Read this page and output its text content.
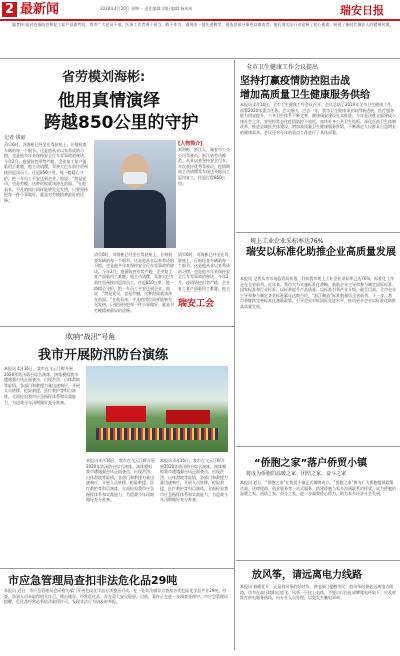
2 最新闻	2020年4月20日 星期一 责任编辑:刘阳 编辑:杨成成	瑞安日报

编者按:面对疫情防控和复工复产双重考验，我市广大党员干部、医务工作者勇于担当、敢于作为，涌现出一批先进典型，现选登部分事迹以飨读者。他们用实际行动诠释了初心使命，展现了新时代瑞安人的精神风貌。

省劳模刘海彬:
他用真情演绎
跨越850公里的守护
记者 钱丽
[人物简介]
刘海彬，浙江人，瑞安市公交公司驾驶员，浙江省劳动模范。从业以来坚持安全行车，多次获评优秀驾驶员，疫情期间主动请缨驾车接送外地员工返岗复工，往返行程850公里。
清早6时，刘海彬已经坐在驾驶座上，仔细检查车辆的每一个细节。这是他从业以来养成的习惯，也是他多年来保持安全行车零事故的秘诀。今年2月，疫情防控形势严峻，企业复工复产面临用工难题，他主动请缨，驾驶大巴车前往贵州接回返岗员工。往返850公里，他一路精心守护，把一车员工平安送到企业。他说：“我是党员，也是劳模，这种时候就该冲在前面。”在他看来，平凡的岗位同样能够发光发热，只要坚持把每一件小事做好，就是对劳模精神最好的诠释。
清早6时，刘海彬已经坐在驾驶座上，仔细检查车辆的每一个细节。这是他从业以来养成的习惯，也是他多年来保持安全行车零事故的秘诀。今年2月，疫情防控形势严峻，企业复工复产面临用工难题，他主动请缨，驾驶大巴车前往贵州接回返岗员工。往返850公里，他一路精心守护，把一车员工平安送到企业。他说：“我是党员，也是劳模，这种时候就该冲在前面。”在他看来，平凡的岗位同样能够发光发热，只要坚持把每一件小事做好，就是对劳模精神最好的诠释。
清早6时，刘海彬已经坐在驾驶座上，仔细检查车辆的每一个细节。这是他从业以来养成的习惯，也是他多年来保持安全行车零事故的秘诀。今年2月，疫情防控形势严峻，企业复工复产面临用工难题，他主
瑞安工会
全市卫生健康工作会议提出
坚持打赢疫情防控阻击战
增加高质量卫生健康服务供给
本报讯 4月14日，全市卫生健康工作会议召开。会议总结了2019年全市卫生健康工作，部署2020年重点任务。会议指出，过去一年，我市卫生健康事业取得新进展，医疗服务能力明显提升，公共卫生体系不断完善，健康瑞安建设扎实推进。今年是决胜全面建成小康社会之年，要坚持常态化疫情防控不放松，加快补齐公共卫生短板，深化医药卫生体制改革，推进县域医共体建设，增加高质量卫生健康服务供给，不断满足人民群众日益增长的健康需求。会议还对今年的重点工作进行了具体部署。
规上工业企业采标率达76%
瑞安以标准化助推企业高质量发展
本报讯 记者从市市场监管局获悉，目前我市规上工业企业采标率已达76%，标准化工作走在全省前列。近年来，我市大力实施标准化战略，鼓励企业主导和参与制定国际标准、国家标准和行业标准，以标准提升产品质量，以标准引领产业升级。截至目前，全市企业主导和参与制定各类标准累计达数百项，“浙江制造”标准数量居全省前列。下一步，我市将继续完善标准化激励政策，引导企业对标国际先进水平，推动更多企业以标准化助推高质量发展。
“侨胞之家”落户侨贸小镇
将成为侨胞的温暖之家、团结之家、奋斗之家
本报讯 近日，“侨胞之家”在侨贸小镇正式揭牌成立。“侨胞之家”将为广大侨胞提供政策咨询、法律援助、创业服务等一站式服务，搭建侨胞与家乡沟通联系的桥梁，成为侨胞的温暖之家、团结之家、奋斗之家，进一步凝聚侨心侨力，助力家乡经济社会发展。
放风筝，请远离电力线路
本报讯 春暖花开，正是放风筝的好时节。供电部门提醒市民，放风筝时务必远离电力线路，切勿在高压线附近放飞。风筝一旦挂上电线，不要自行拉扯或攀爬电杆取下，应及时拨打供电服务热线，由专业人员处理，以免发生触电事故。
吹响“战汛”号角
我市开展防汛防台演练
本报讯 4月16日，我市在飞云江畔开展2020年防汛防台综合演练。演练模拟我市遭遇强台风正面袭击，出现洪涝、山体滑坡等险情，各部门和救援力量迅速响应，开展人员转移、抢险救援、医疗救护等科目演练，全面检验我市应急指挥体系和实战能力，为迎战今年汛期做好充分准备。
本报讯 4月16日，我市在飞云江畔开展2020年防汛防台综合演练。演练模拟我市遭遇强台风正面袭击，出现洪涝、山体滑坡等险情，各部门和救援力量迅速响应，开展人员转移、抢险救援、医疗救护等科目演练，全面检验我市应急指挥体系和实战能力，为迎战今年汛期做好充分准备。
本报讯 4月16日，我市在飞云江畔开展2020年防汛防台综合演练。演练模拟我市遭遇强台风正面袭击，出现洪涝、山体滑坡等险情，各部门和救援力量迅速响应，开展人员转移、抢险救援、医疗救护等科目演练，全面检验我市应急指挥体系和实战能力，为迎战今年汛期做好充分准备。
市应急管理局查扣非法危化品29吨
本报讯 近日，市应急管理局会同相关部门开展危险化学品专项整治行动，在一处非法储存点查扣各类危险化学品共计29吨。经查，涉事人员未取得相关许可，擅自储存、经营危化品，存在重大安全隐患。目前，案件正在进一步调查处理中。市应急管理局提醒，危化品经营必须依法取得许可，发现非法行为请及时举报。
